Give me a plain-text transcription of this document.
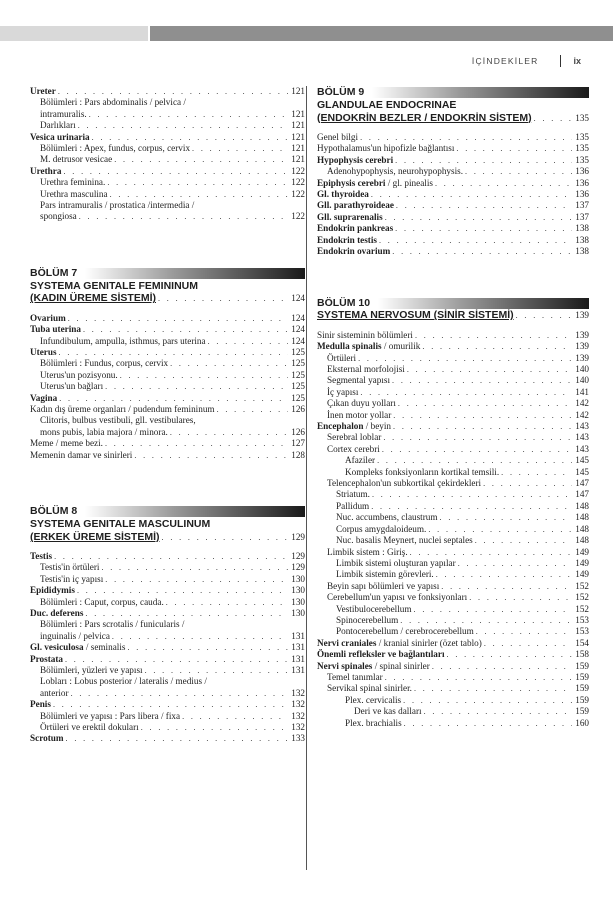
İÇİNDEKİLER	ix
Ureter . . .	121
Bölümleri : Pars abdominalis / pelvica /
intramuralis. . . .	121
Darlıkları . . .	121
Vesica urinaria . . .	121
Bölümleri : Apex, fundus, corpus, cervix . . .	121
M. detrusor vesicae . . .	121
Urethra . . .	122
Urethra feminina. . . .	122
Urethra masculina . . .	122
Pars intramuralis / prostatica /intermedia /
spongiosa . . .	122
BÖLÜM 7
SYSTEMA GENITALE FEMININUM
(KADIN ÜREME SİSTEMİ) . . .	124
Ovarium . . .	124
Tuba uterina . . .	124
Infundibulum, ampulla, isthmus, pars uterina . . .	124
Uterus . . .	125
Bölümleri : Fundus, corpus, cervix . . .	125
Uterus'un pozisyonu. . . .	125
Uterus'un bağları . . .	125
Vagina . . .	125
Kadın dış üreme organları / pudendum femininum . . .	126
Clitoris, bulbus vestibuli, gll. vestibulares,
mons pubis, labia majora / minora. . . .	126
Meme / meme bezi. . . .	127
Memenin damar ve sinirleri . . .	128
BÖLÜM 8
SYSTEMA GENITALE MASCULINUM
(ERKEK ÜREME SİSTEMİ) . . .	129
Testis . . .	129
Testis'in örtüleri . . .	129
Testis'in iç yapısı . . .	130
Epididymis . . .	130
Bölümleri : Caput, corpus, cauda. . . .	130
Duc. deferens . . .	130
Bölümleri : Pars scrotalis / funicularis /
inguinalis / pelvica . . .	131
Gl. vesiculosa / seminalis . . .	131
Prostata . . .	131
Bölümleri, yüzleri ve yapısı . . .	131
Lobları : Lobus posterior / lateralis / medius /
anterior . . .	132
Penis . . .	132
Bölümleri ve yapısı : Pars libera / fixa . . .	132
Örtüleri ve erektil dokuları . . .	132
Scrotum . . .	133
BÖLÜM 9
GLANDULAE ENDOCRINAE
(ENDOKRİN BEZLER / ENDOKRİN SİSTEM) . . .	135
Genel bilgi . . .	135
Hypothalamus'un hipofizle bağlantısı . . .	135
Hypophysis cerebri . . .	135
Adenohypophysis, neurohypophysis. . . .	136
Epiphysis cerebri / gl. pinealis . . .	136
Gl. thyroidea . . .	136
Gll. parathyroideae . . .	137
Gll. suprarenalis . . .	137
Endokrin pankreas . . .	138
Endokrin testis . . .	138
Endokrin ovarium . . .	138
BÖLÜM 10
SYSTEMA NERVOSUM (SİNİR SİSTEMİ) . . .	139
Sinir sisteminin bölümleri . . .	139
Medulla spinalis / omurilik . . .	139
Örtüleri . . .	139
Eksternal morfolojisi . . .	140
Segmental yapısı . . .	140
İç yapısı . . .	141
Çıkan duyu yolları . . .	142
İnen motor yollar . . .	142
Encephalon / beyin . . .	143
Serebral loblar . . .	143
Cortex cerebri . . .	143
Afaziler . . .	145
Kompleks fonksiyonların kortikal temsili. . . .	145
Telencephalon'un subkortikal çekirdekleri . . .	147
Striatum. . . .	147
Pallidum . . .	148
Nuc. accumbens, claustrum . . .	148
Corpus amygdaloideum. . . .	148
Nuc. basalis Meynert, nuclei septales . . .	148
Limbik sistem : Giriş. . . .	149
Limbik sistemi oluşturan yapılar . . .	149
Limbik sistemin görevleri. . . .	149
Beyin sapı bölümleri ve yapısı . . .	152
Cerebellum'un yapısı ve fonksiyonları . . .	152
Vestibulocerebellum . . .	152
Spinocerebellum . . .	153
Pontocerebellum / cerebrocerebellum . . .	153
Nervi craniales / kranial sinirler (özet tablo) . . .	154
Önemli refleksler ve bağlantıları . . .	158
Nervi spinales / spinal sinirler . . .	159
Temel tanımlar . . .	159
Servikal spinal sinirler. . . .	159
Plex. cervicalis . . .	159
Deri ve kas dalları . . .	159
Plex. brachialis . . .	160
